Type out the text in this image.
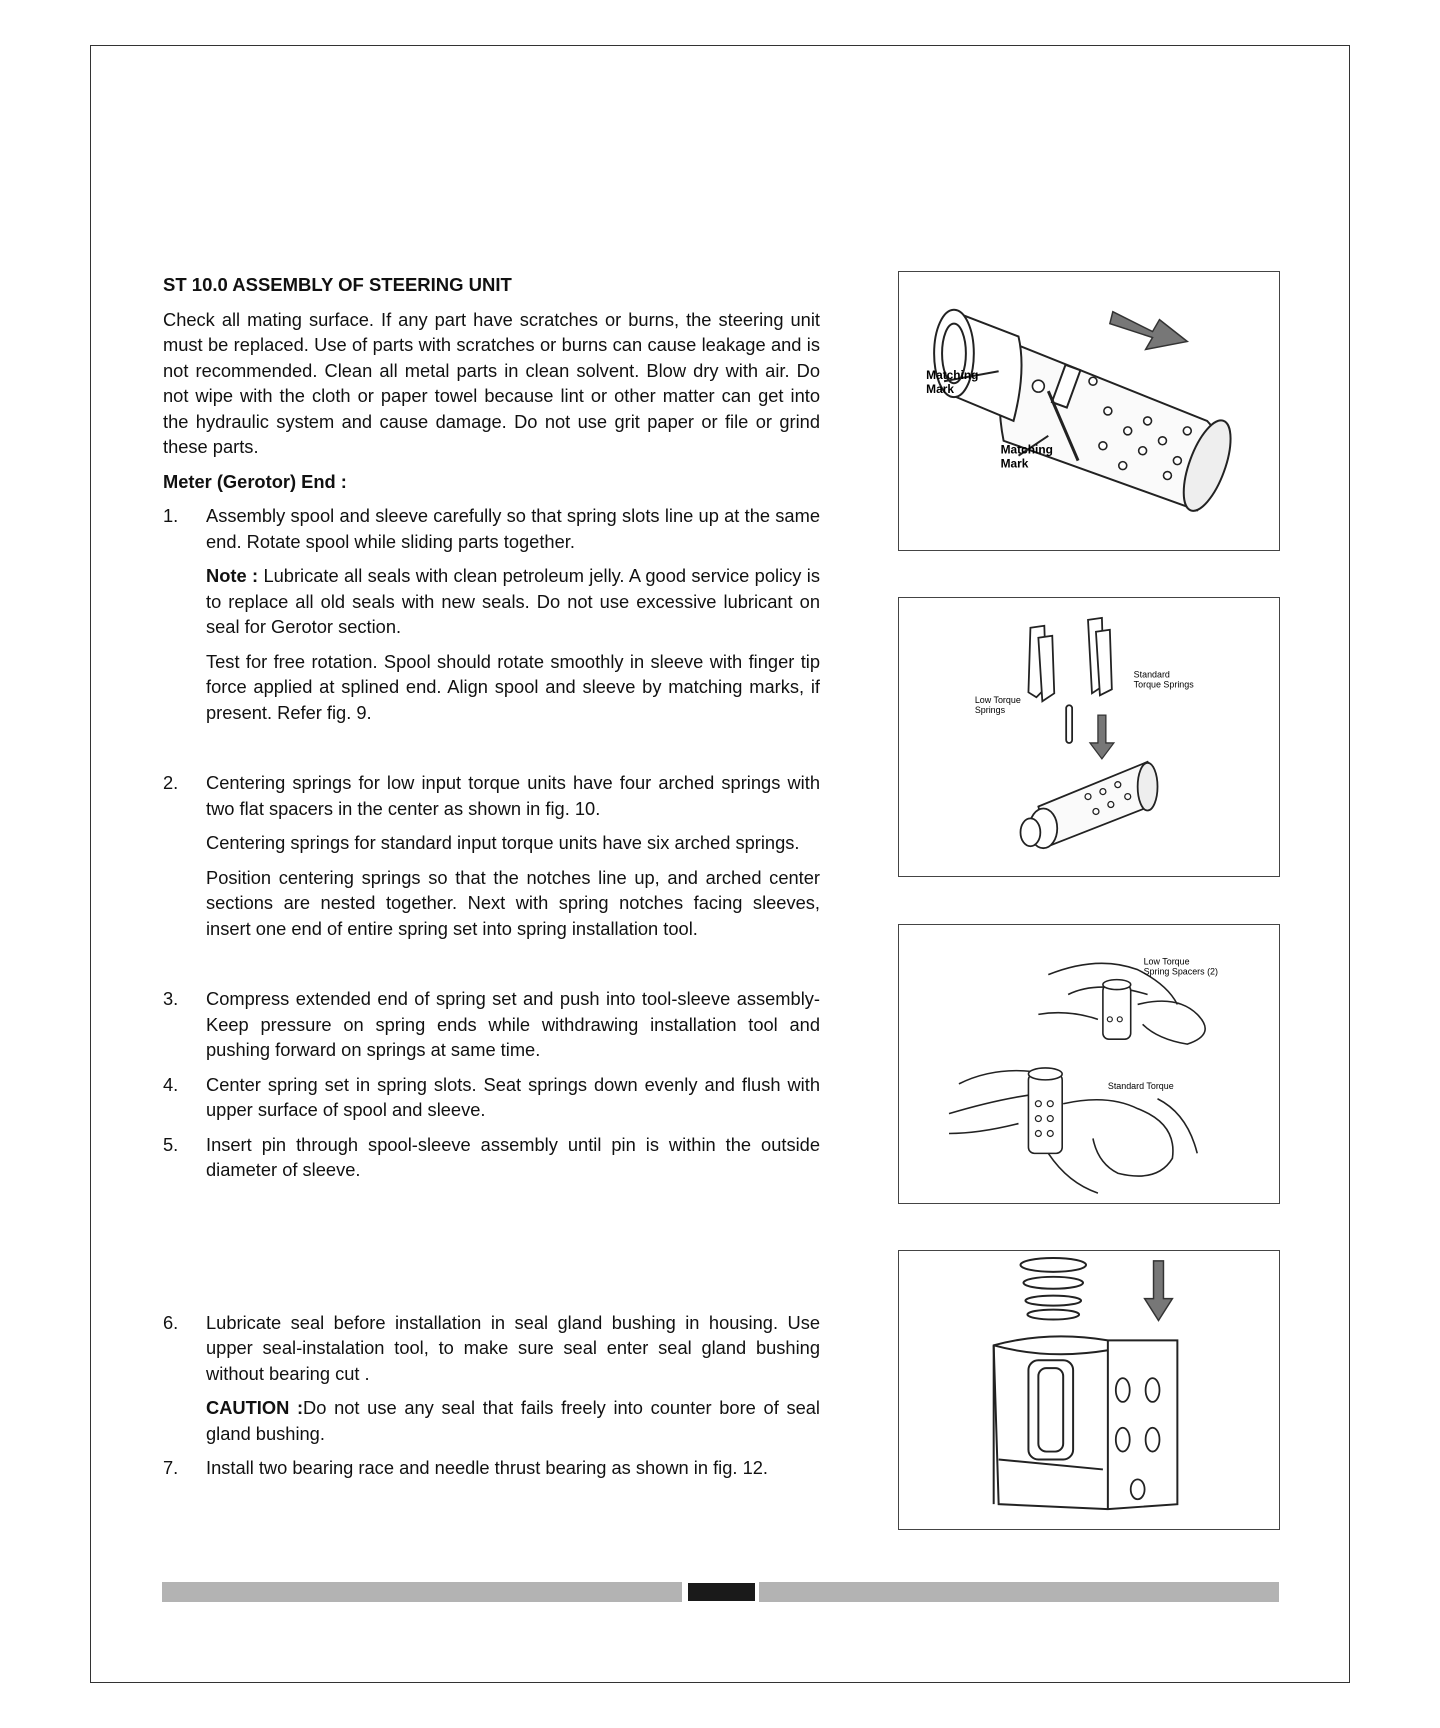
ST 10.0 ASSEMBLY OF STEERING UNIT

Check all mating surface. If any part have scratches or burns, the steering unit must be replaced. Use of parts with scratches or burns can cause leakage and is not recommended. Clean all metal parts in clean solvent. Blow dry with air. Do not wipe with the cloth or paper towel because lint or other matter can get into the hydraulic system and cause damage. Do not use grit paper or file or grind these parts.

Meter (Gerotor) End :
1. Assembly spool and sleeve carefully so that spring slots line up at the same end. Rotate spool while sliding parts together.

Note : Lubricate all seals with clean petroleum jelly. A good service policy is to replace all old seals with new seals. Do not use excessive lubricant on seal for Gerotor section.

Test for free rotation. Spool should rotate smoothly in sleeve with finger tip force applied at splined end. Align spool and sleeve by matching marks, if present. Refer fig. 9.

2. Centering springs for low input torque units have four arched springs with two flat spacers in the center as shown in fig. 10.

Centering springs for standard input torque units have six arched springs.

Position centering springs so that the notches line up, and arched center sections are nested together. Next with spring notches facing sleeves, insert one end of entire spring set into spring installation tool.

3. Compress extended end of spring set and push into tool-sleeve assembly-Keep pressure on spring ends while withdrawing installation tool and pushing forward on springs at same time.

4. Center spring set in spring slots. Seat springs down evenly and flush with upper surface of spool and sleeve.

5. Insert pin through spool-sleeve assembly until pin is within the outside diameter of sleeve.

6. Lubricate seal before installation in seal gland bushing in housing. Use upper seal-instalation tool, to make sure seal enter seal gland bushing without bearing cut .

CAUTION :Do not use any seal that fails freely into counter bore of seal gland bushing.

7. Install two bearing race and needle thrust bearing as shown in fig. 12.

Matching
Mark
Matching
Mark
Low Torque
Springs
Standard
Torque Springs
Low Torque
Spring Spacers (2)
Standard Torque
